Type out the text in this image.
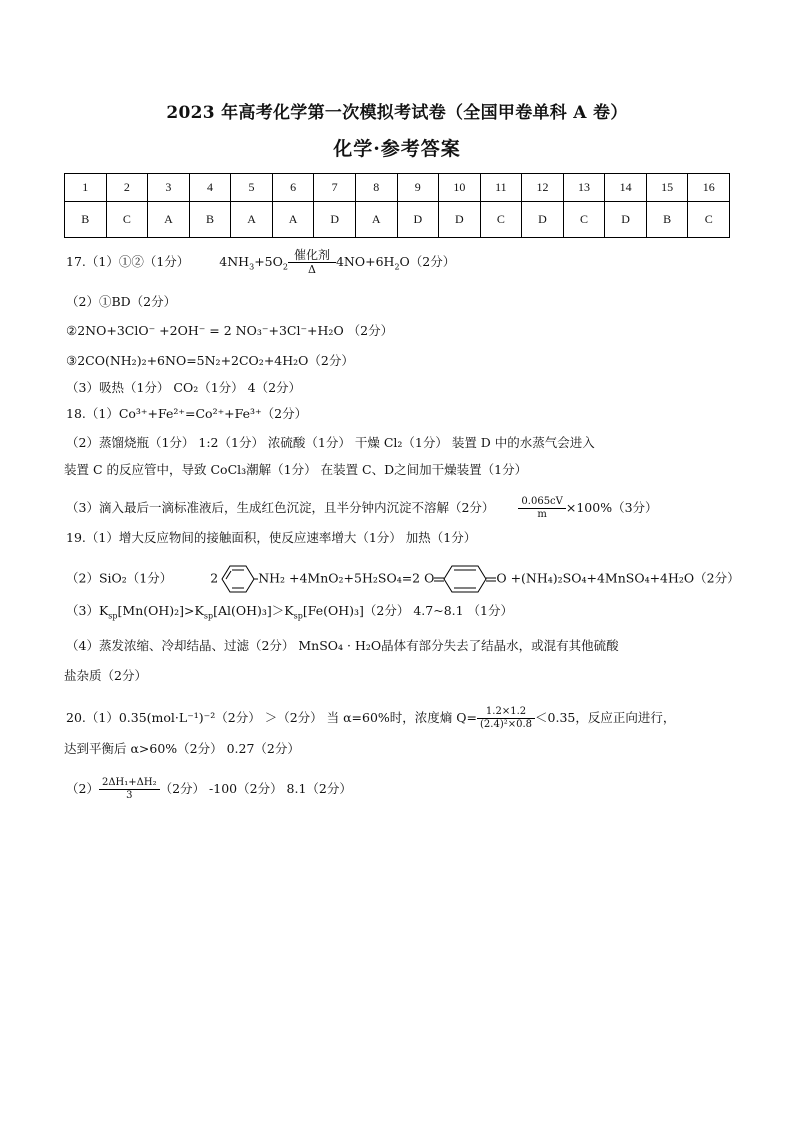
2023 年高考化学第一次模拟考试卷（全国甲卷单科 A 卷）
化学·参考答案
1	2	3	4	5	6	7	8	9	10	11	12	13	14	15	16
B	C	A	B	A	A	D	A	D	D	C	D	C	D	B	C
17.（1）①②（1分） $4NH_3+5O_2$
催化剂
Δ
$4NO+6H_2O(2$分）
（2）①BD（2分）
②2NO+3ClO⁻ +2OH⁻ = 2 NO₃⁻+3Cl⁻+H₂O （2分）
③2CO(NH₂)₂+6NO=5N₂+2CO₂+4H₂O（2分）
（3）吸热（1分） CO₂（1分） 4（2分）
18.（1）Co³⁺+Fe²⁺=Co²⁺+Fe³⁺（2分）
（2）蒸馏烧瓶（1分） 1:2（1分） 浓硫酸（1分） 干燥 Cl₂（1分） 装置 D 中的水蒸气会进入
装置 C 的反应管中，导致 CoCl₃潮解（1分） 在装置 C、D之间加干燥装置（1分）
（3）滴入最后一滴标准液后，生成红色沉淀，且半分钟内沉淀不溶解（2分） $\frac{0.065cV}{m} \times 100\%(3$分）
19.（1）增大反应物间的接触面积，使反应速率增大（1分） 加热（1分）
（2）SiO₂（1分）	2	NH₂ +4MnO₂+5H₂SO₄=2 O	O +(NH₄)₂SO₄+4MnSO₄+4H₂O（2分）
$(3)K_{sp}[Mn(OH)_2]>K_{sp}[Al(OH)_3]>K_{sp}[Fe(OH)_3](2$分） 4.7~8.1 （1分）
（4）蒸发浓缩、冷却结晶、过滤（2分） MnSO₄ · H₂O晶体有部分失去了结晶水，或混有其他硫酸
盐杂质（2分）
20.（1）0.35(mol·L⁻¹)⁻²（2分） ＞（2分） 当 α=60%时，浓度熵 $Q= \frac{1.2\times 1.2}{\text{(2.4)²×0.8}} <0.35$，反应正向进行，
达到平衡后 α>60%（2分） 0.27（2分）
$(2) \frac{\text{2ΔH₁+ΔH₂}}{3} (2$分） -100（2分） 8.1（2分）
